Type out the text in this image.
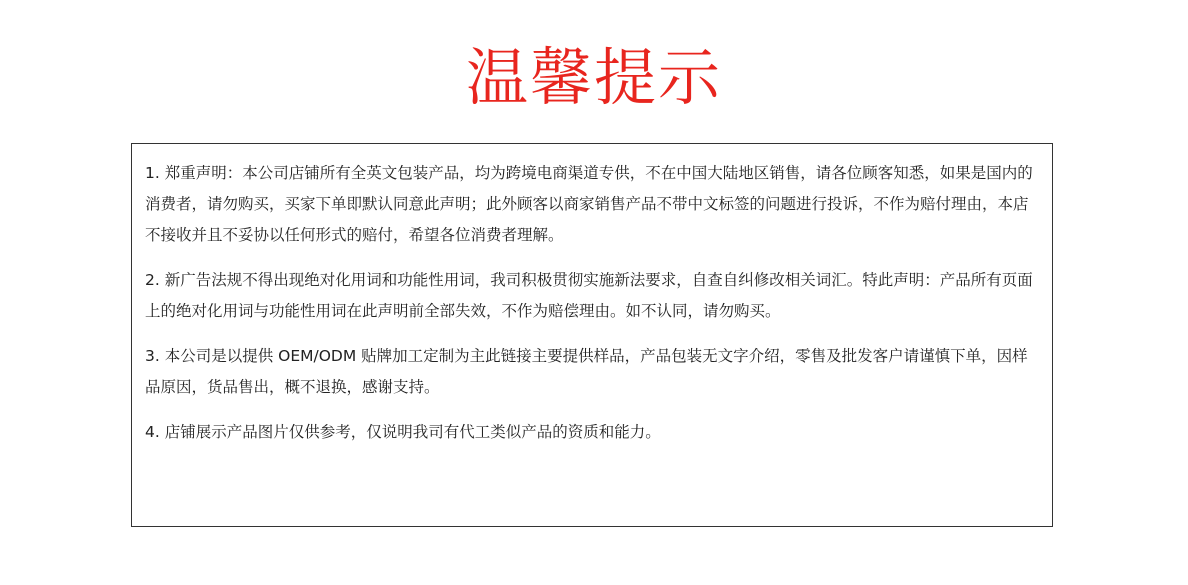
温馨提示

1. 郑重声明：本公司店铺所有全英文包装产品，均为跨境电商渠道专供，不在中国大陆地区销售，请各位顾客知悉，如果是国内的消费者，请勿购买，买家下单即默认同意此声明；此外顾客以商家销售产品不带中文标签的问题进行投诉，不作为赔付理由，本店不接收并且不妥协以任何形式的赔付，希望各位消费者理解。

2. 新广告法规不得出现绝对化用词和功能性用词，我司积极贯彻实施新法要求，自查自纠修改相关词汇。特此声明：产品所有页面上的绝对化用词与功能性用词在此声明前全部失效，不作为赔偿理由。如不认同，请勿购买。

3. 本公司是以提供 OEM/ODM 贴牌加工定制为主此链接主要提供样品，产品包装无文字介绍，零售及批发客户请谨慎下单，因样品原因，货品售出，概不退换，感谢支持。

4. 店铺展示产品图片仅供参考，仅说明我司有代工类似产品的资质和能力。
